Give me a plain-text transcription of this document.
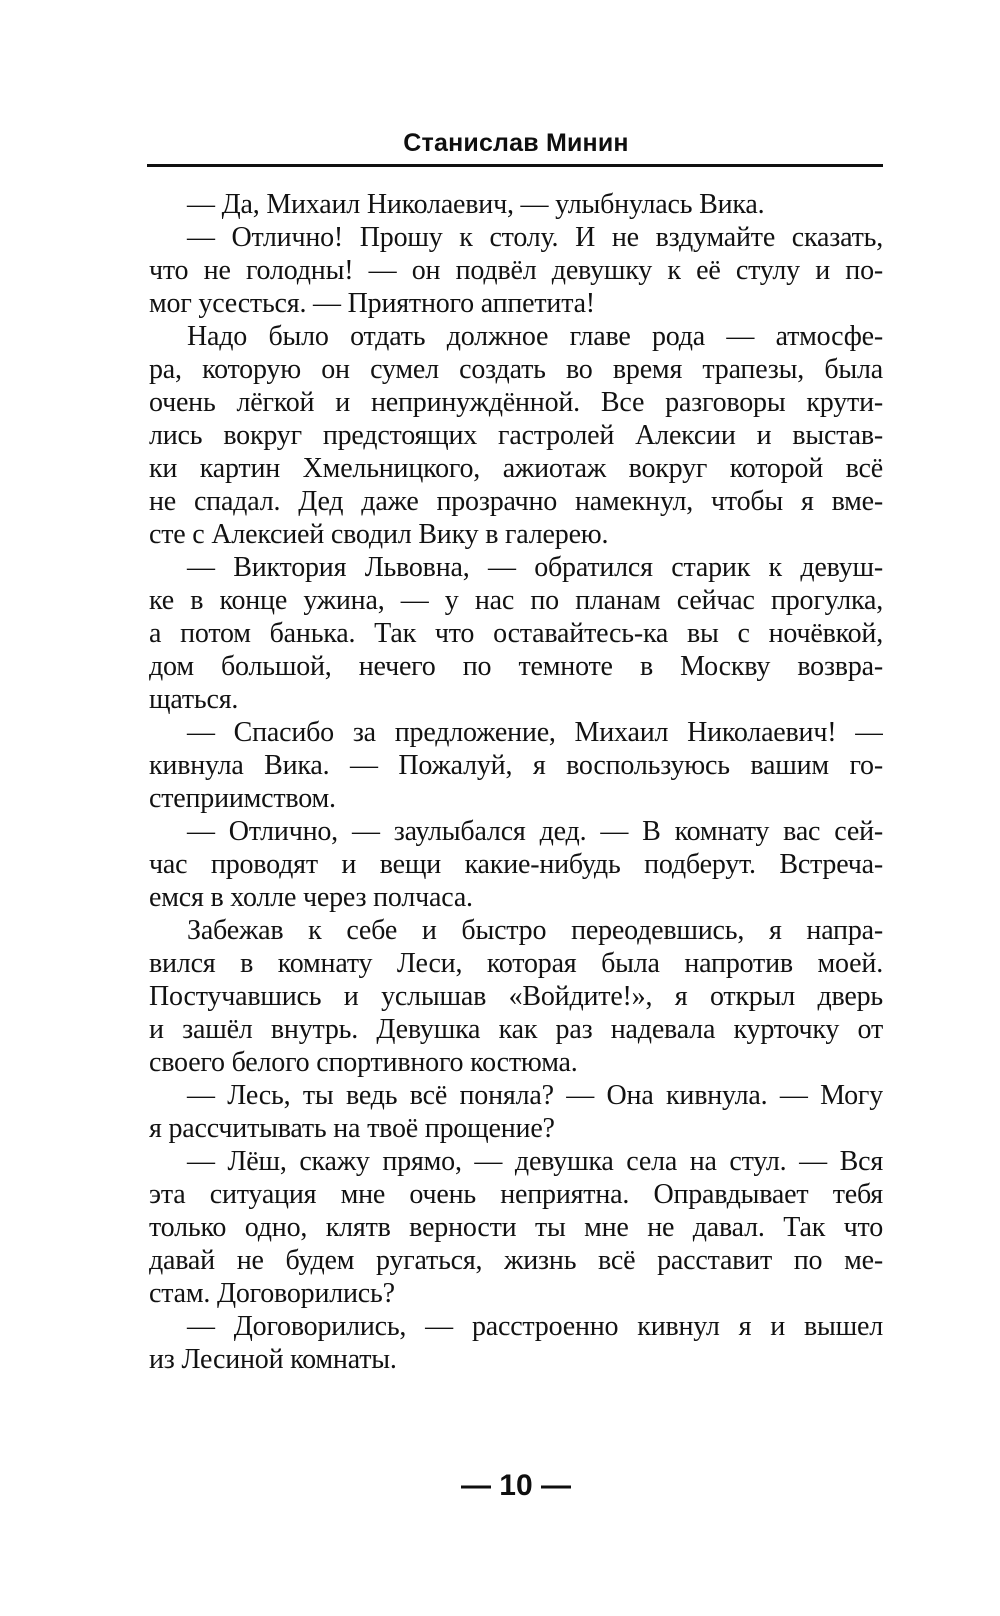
Станислав Минин
— Да, Михаил Николаевич, — улыбнулась Вика.
— Отлично! Прошу к столу. И не вздумайте сказать,
что не голодны! — он подвёл девушку к её стулу и по-
мог усесться. — Приятного аппетита!
Надо было отдать должное главе рода — атмосфе-
ра, которую он сумел создать во время трапезы, была
очень лёгкой и непринуждённой. Все разговоры крути-
лись вокруг предстоящих гастролей Алексии и выстав-
ки картин Хмельницкого, ажиотаж вокруг которой всё
не спадал. Дед даже прозрачно намекнул, чтобы я вме-
сте с Алексией сводил Вику в галерею.
— Виктория Львовна, — обратился старик к девуш-
ке в конце ужина, — у нас по планам сейчас прогулка,
а потом банька. Так что оставайтесь-ка вы с ночёвкой,
дом большой, нечего по темноте в Москву возвра-
щаться.
— Спасибо за предложение, Михаил Николаевич! —
кивнула Вика. — Пожалуй, я воспользуюсь вашим го-
степриимством.
— Отлично, — заулыбался дед. — В комнату вас сей-
час проводят и вещи какие-нибудь подберут. Встреча-
емся в холле через полчаса.
Забежав к себе и быстро переодевшись, я напра-
вился в комнату Леси, которая была напротив моей.
Постучавшись и услышав «Войдите!», я открыл дверь
и зашёл внутрь. Девушка как раз надевала курточку от
своего белого спортивного костюма.
— Лесь, ты ведь всё поняла? — Она кивнула. — Могу
я рассчитывать на твоё прощение?
— Лёш, скажу прямо, — девушка села на стул. — Вся
эта ситуация мне очень неприятна. Оправдывает тебя
только одно, клятв верности ты мне не давал. Так что
давай не будем ругаться, жизнь всё расставит по ме-
стам. Договорились?
— Договорились, — расстроенно кивнул я и вышел
из Лесиной комнаты.
— 10 —
